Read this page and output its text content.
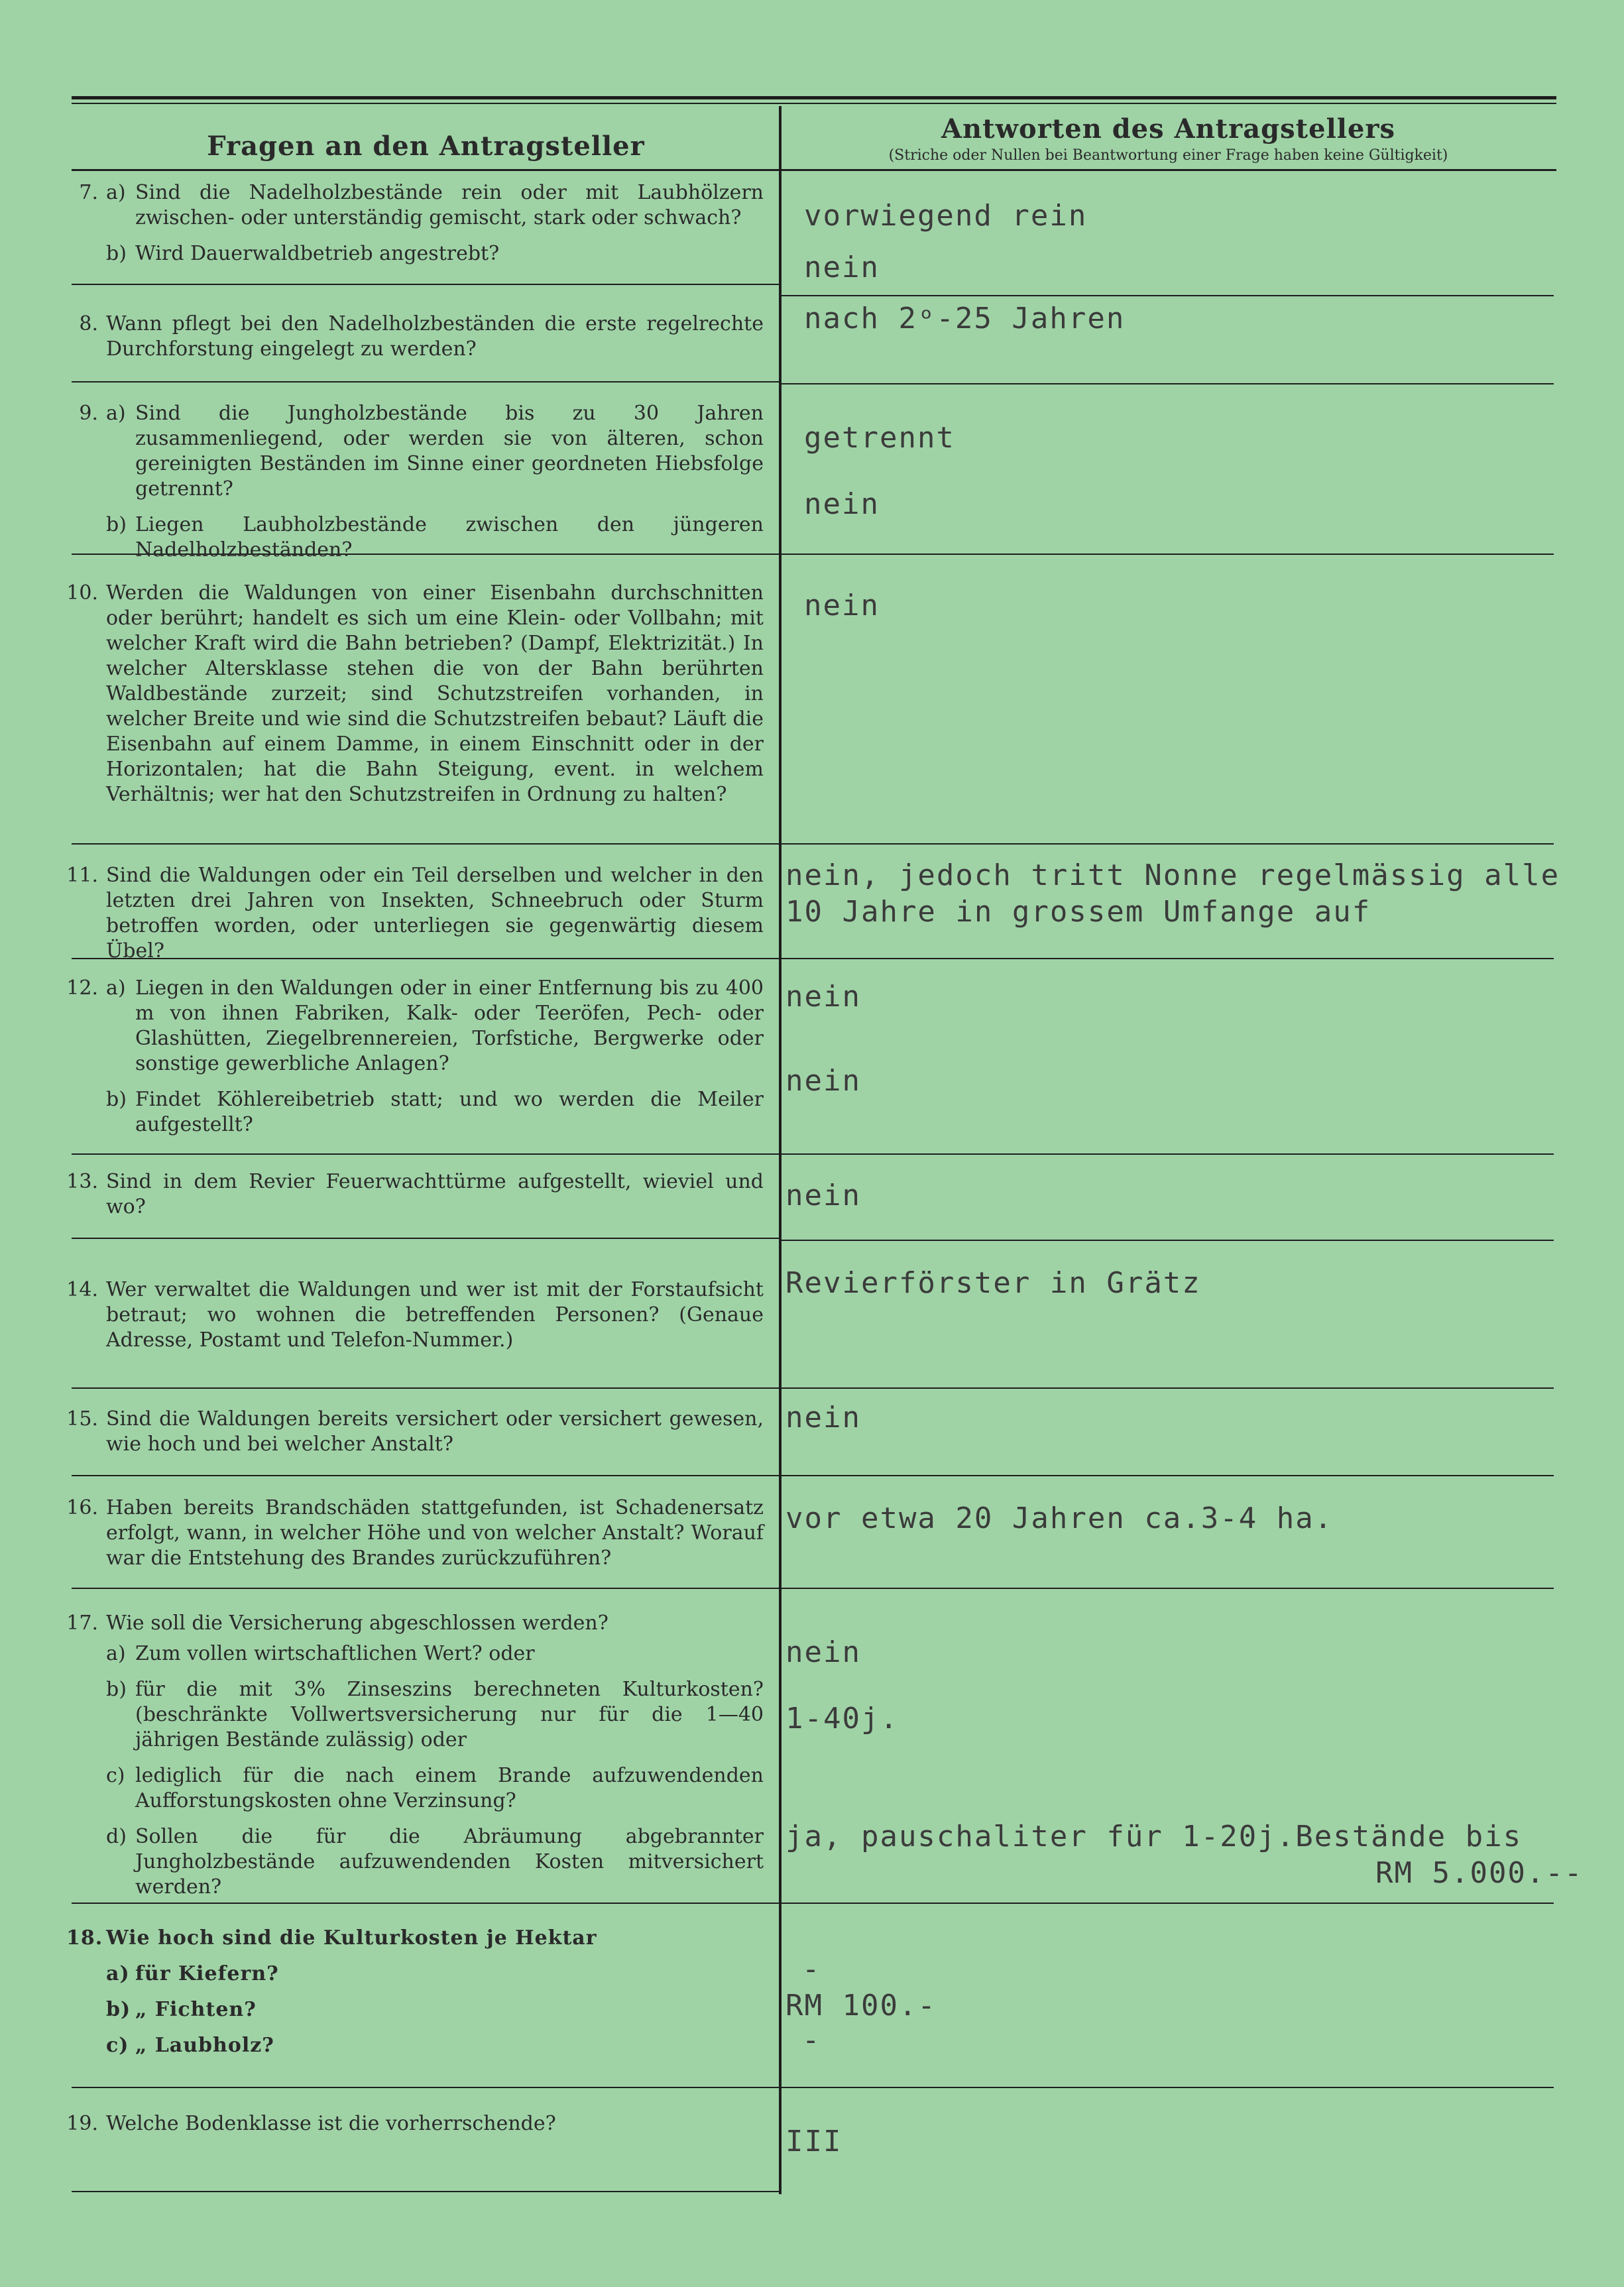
Fragen an den Antragsteller
Antworten des Antragstellers
(Striche oder Nullen bei Beantwortung einer Frage haben keine Gültigkeit)
7. a) Sind die Nadelholzbestände rein oder mit Laubhölzern zwischen- oder unterständig gemischt, stark oder schwach?
b) Wird Dauerwaldbetrieb angestrebt?
8. Wann pflegt bei den Nadelholzbeständen die erste regelrechte Durchforstung eingelegt zu werden?
9. a) Sind die Jungholzbestände bis zu 30 Jahren zusammenliegend, oder werden sie von älteren, schon gereinigten Beständen im Sinne einer geordneten Hiebsfolge getrennt?
b) Liegen Laubholzbestände zwischen den jüngeren Nadelholzbeständen?
10. Werden die Waldungen von einer Eisenbahn durchschnitten oder berührt; handelt es sich um eine Klein- oder Vollbahn; mit welcher Kraft wird die Bahn betrieben? (Dampf, Elektrizität.) In welcher Altersklasse stehen die von der Bahn berührten Waldbestände zurzeit; sind Schutzstreifen vorhanden, in welcher Breite und wie sind die Schutzstreifen bebaut? Läuft die Eisenbahn auf einem Damme, in einem Einschnitt oder in der Horizontalen; hat die Bahn Steigung, event. in welchem Verhältnis; wer hat den Schutzstreifen in Ordnung zu halten?
11. Sind die Waldungen oder ein Teil derselben und welcher in den letzten drei Jahren von Insekten, Schneebruch oder Sturm betroffen worden, oder unterliegen sie gegenwärtig diesem Übel?
12. a) Liegen in den Waldungen oder in einer Entfernung bis zu 400 m von ihnen Fabriken, Kalk- oder Teeröfen, Pech- oder Glashütten, Ziegelbrennereien, Torfstiche, Bergwerke oder sonstige gewerbliche Anlagen?
b) Findet Köhlereibetrieb statt; und wo werden die Meiler aufgestellt?
13. Sind in dem Revier Feuerwachttürme aufgestellt, wieviel und wo?
14. Wer verwaltet die Waldungen und wer ist mit der Forstaufsicht betraut; wo wohnen die betreffenden Personen? (Genaue Adresse, Postamt und Telefon-Nummer.)
15. Sind die Waldungen bereits versichert oder versichert gewesen, wie hoch und bei welcher Anstalt?
16. Haben bereits Brandschäden stattgefunden, ist Schadenersatz erfolgt, wann, in welcher Höhe und von welcher Anstalt? Worauf war die Entstehung des Brandes zurückzuführen?
17. Wie soll die Versicherung abgeschlossen werden?
a) Zum vollen wirtschaftlichen Wert? oder
b) für die mit 3% Zinseszins berechneten Kulturkosten? (beschränkte Vollwertsversicherung nur für die 1—40 jährigen Bestände zulässig) oder
c) lediglich für die nach einem Brande aufzuwendenden Aufforstungskosten ohne Verzinsung?
d) Sollen die für die Abräumung abgebrannter Jungholzbestände aufzuwendenden Kosten mitversichert werden?
18. Wie hoch sind die Kulturkosten je Hektar
a) für Kiefern?
b) „ Fichten?
c) „ Laubholz?
19. Welche Bodenklasse ist die vorherrschende?
vorwiegend rein
nein
nach 2ᵒ-25 Jahren
getrennt
nein
nein
nein, jedoch tritt Nonne regelmässig alle
10 Jahre in grossem Umfange auf
nein
nein
nein
Revierförster in Grätz
nein
vor etwa 20 Jahren ca.3-4 ha.
nein
1-40j.
ja, pauschaliter für 1-20j.Bestände bis
RM 5.000.--
-
RM 100.-
-
III
